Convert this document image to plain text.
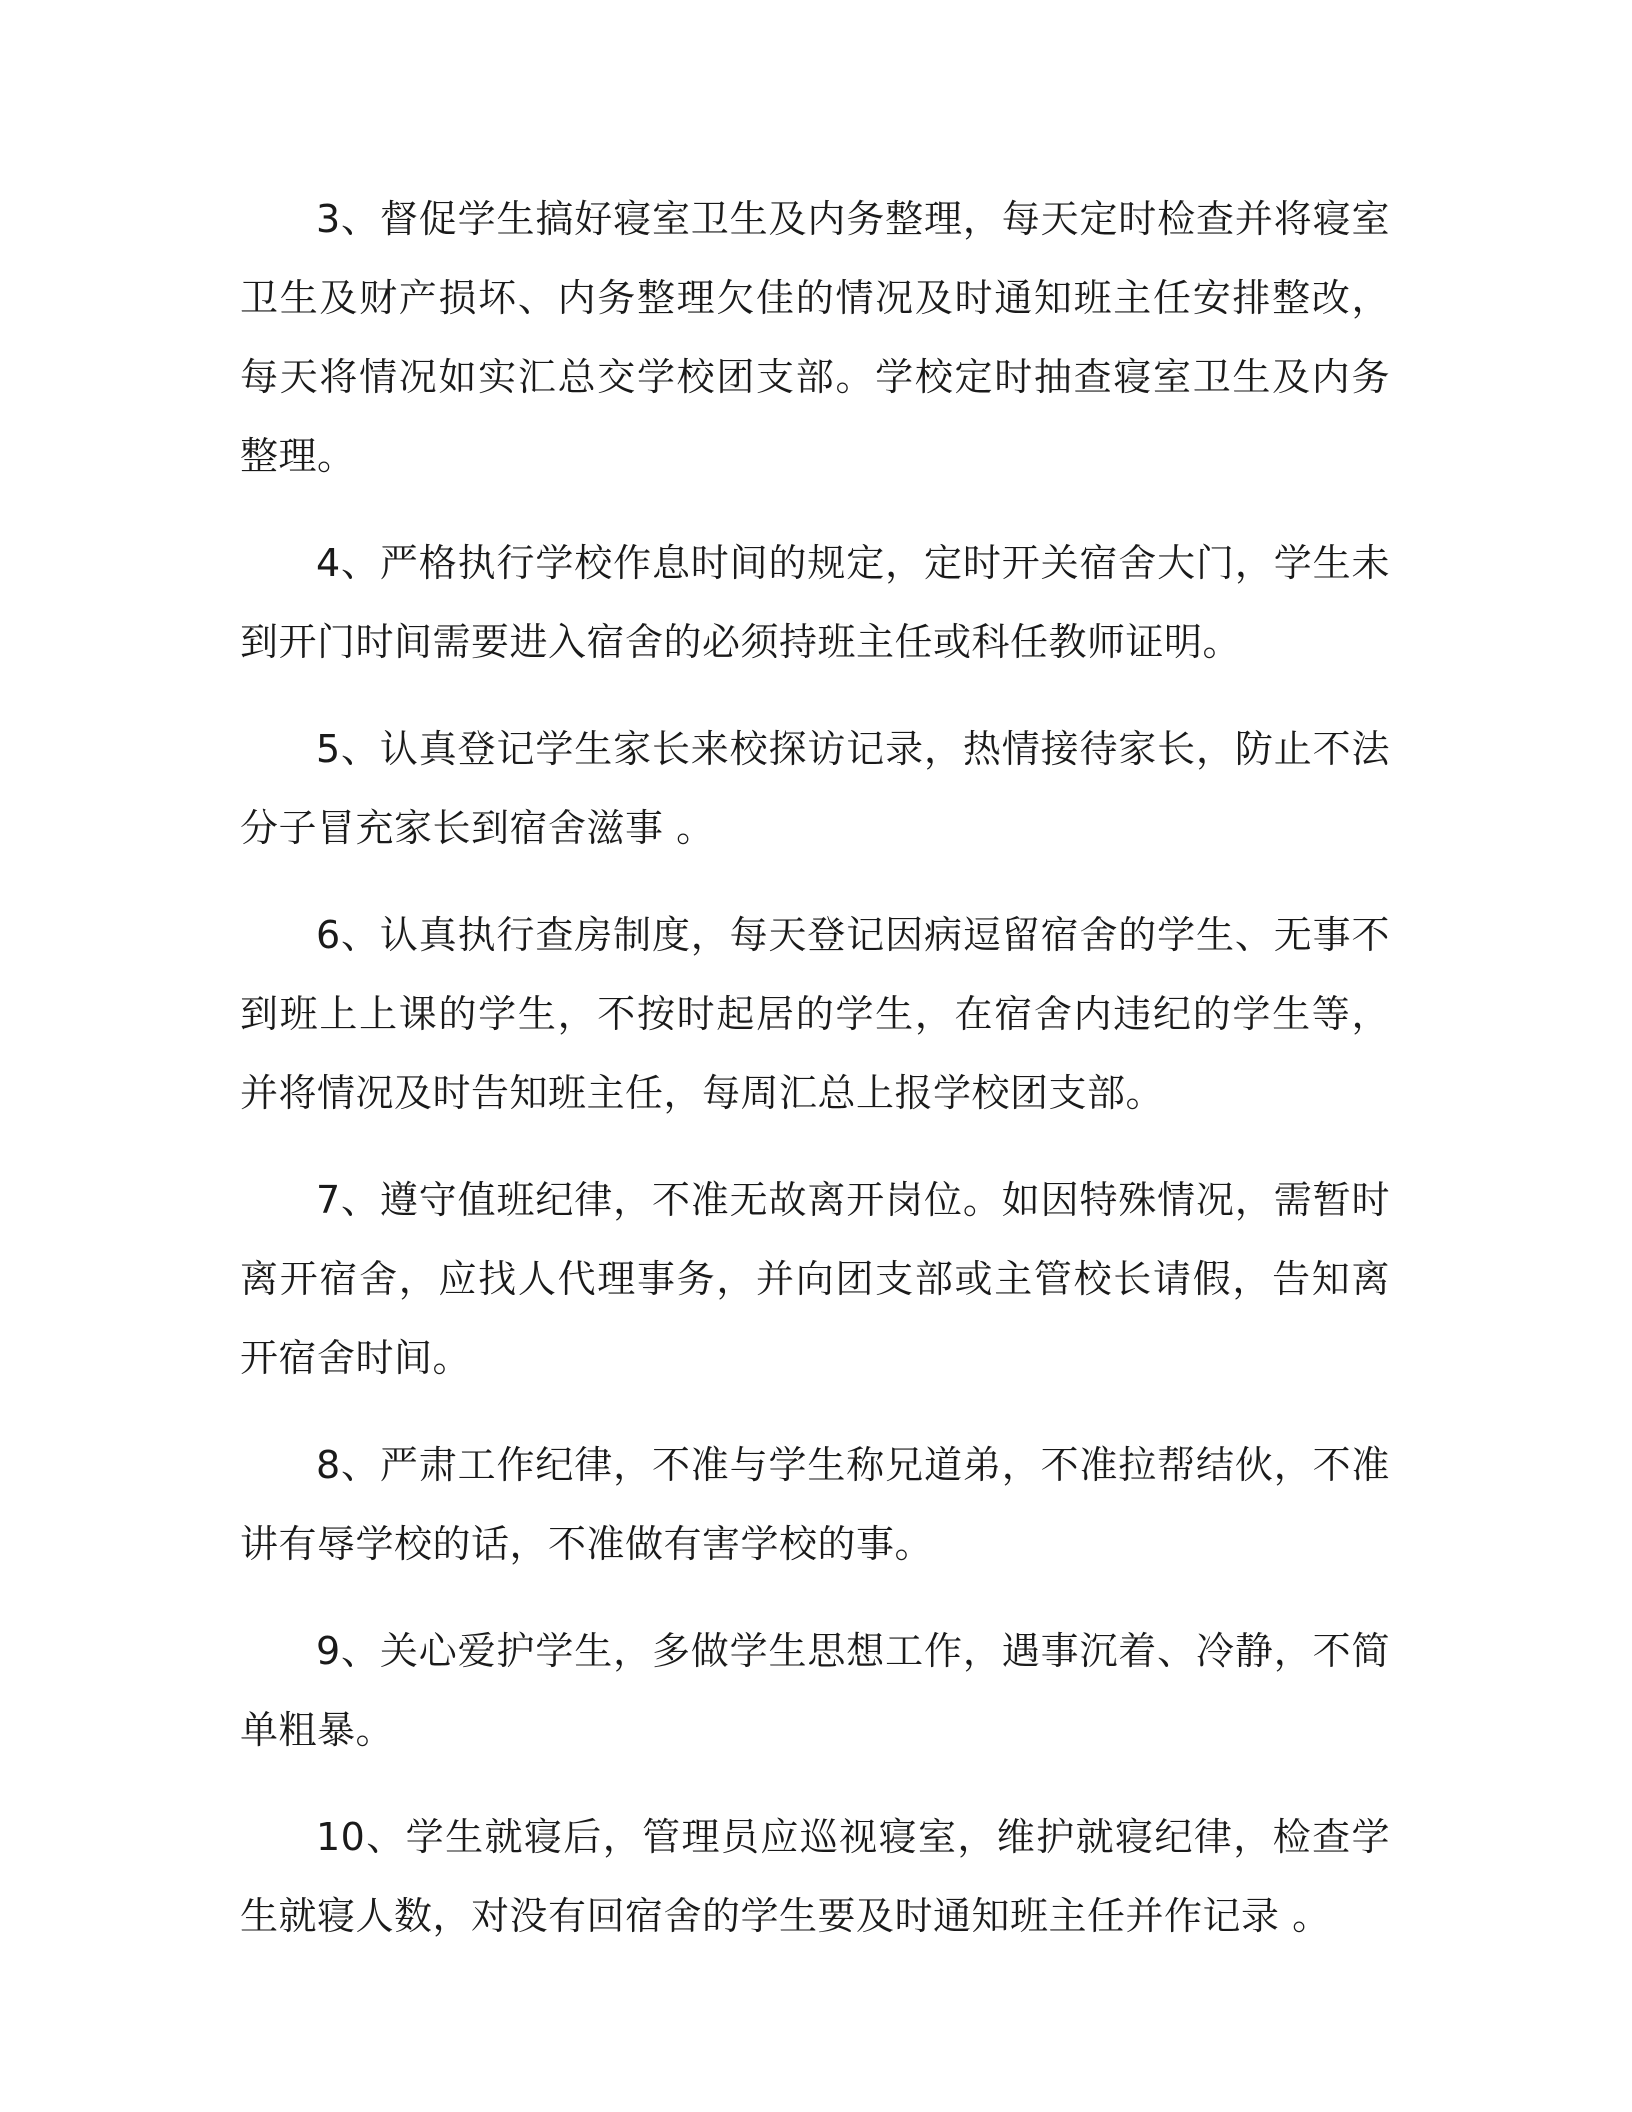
3、督促学生搞好寝室卫生及内务整理，每天定时检查并将寝室卫生及财产损坏、内务整理欠佳的情况及时通知班主任安排整改，每天将情况如实汇总交学校团支部。学校定时抽查寝室卫生及内务整理。

4、严格执行学校作息时间的规定，定时开关宿舍大门，学生未到开门时间需要进入宿舍的必须持班主任或科任教师证明。

5、认真登记学生家长来校探访记录，热情接待家长，防止不法分子冒充家长到宿舍滋事 。

6、认真执行查房制度，每天登记因病逗留宿舍的学生、无事不到班上上课的学生，不按时起居的学生，在宿舍内违纪的学生等，并将情况及时告知班主任，每周汇总上报学校团支部。

7、遵守值班纪律，不准无故离开岗位。如因特殊情况，需暂时离开宿舍，应找人代理事务，并向团支部或主管校长请假，告知离开宿舍时间。

8、严肃工作纪律，不准与学生称兄道弟，不准拉帮结伙，不准讲有辱学校的话，不准做有害学校的事。

9、关心爱护学生，多做学生思想工作，遇事沉着、冷静，不简单粗暴。

10、学生就寝后，管理员应巡视寝室，维护就寝纪律，检查学生就寝人数，对没有回宿舍的学生要及时通知班主任并作记录 。
